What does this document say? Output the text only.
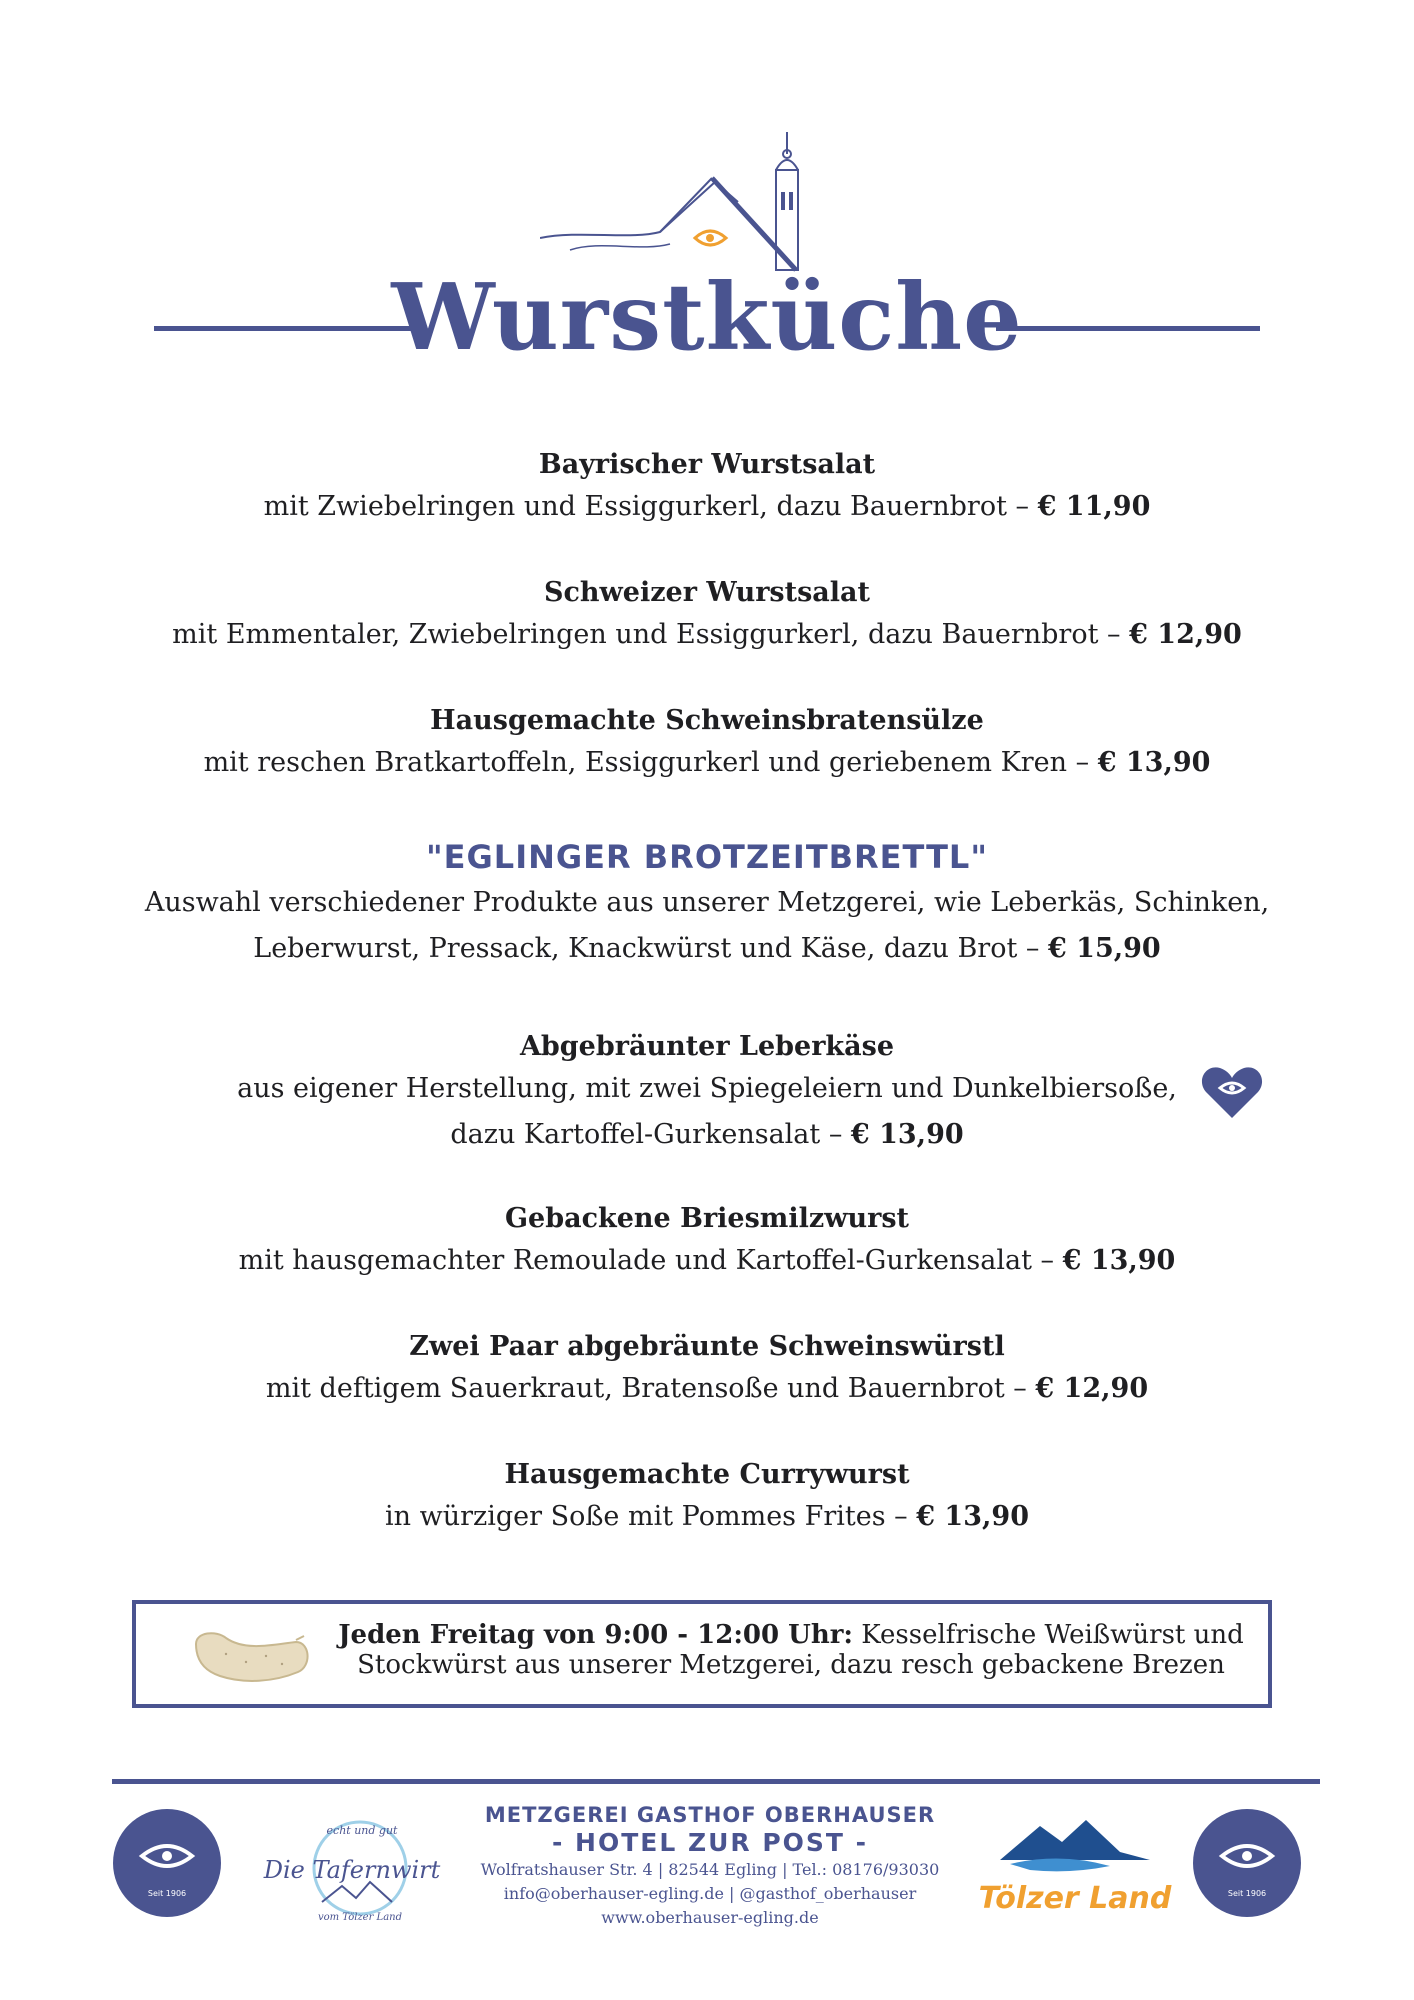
Wurstküche
Bayrischer Wurstsalat
mit Zwiebelringen und Essiggurkerl, dazu Bauernbrot – € 11,90
Schweizer Wurstsalat
mit Emmentaler, Zwiebelringen und Essiggurkerl, dazu Bauernbrot – € 12,90
Hausgemachte Schweinsbratensülze
mit reschen Bratkartoffeln, Essiggurkerl und geriebenem Kren – € 13,90
"EGLINGER BROTZEITBRETTL"
Auswahl verschiedener Produkte aus unserer Metzgerei, wie Leberkäs, Schinken,
Leberwurst, Pressack, Knackwürst und Käse, dazu Brot – € 15,90
Abgebräunter Leberkäse
aus eigener Herstellung, mit zwei Spiegeleiern und Dunkelbiersoße,
dazu Kartoffel-Gurkensalat – € 13,90
Gebackene Briesmilzwurst
mit hausgemachter Remoulade und Kartoffel-Gurkensalat – € 13,90
Zwei Paar abgebräunte Schweinswürstl
mit deftigem Sauerkraut, Bratensoße und Bauernbrot – € 12,90
Hausgemachte Currywurst
in würziger Soße mit Pommes Frites – € 13,90
Jeden Freitag von 9:00 - 12:00 Uhr: Kesselfrische Weißwürst und
Stockwürst aus unserer Metzgerei, dazu resch gebackene Brezen
Seit 1906
echt und gut
Die Tafernwirt
vom Tölzer Land
METZGEREI GASTHOF OBERHAUSER
- HOTEL ZUR POST -
Wolfratshauser Str. 4 | 82544 Egling | Tel.: 08176/93030
info@oberhauser-egling.de | @gasthof_oberhauser
www.oberhauser-egling.de
Tölzer Land	Seit 1906
